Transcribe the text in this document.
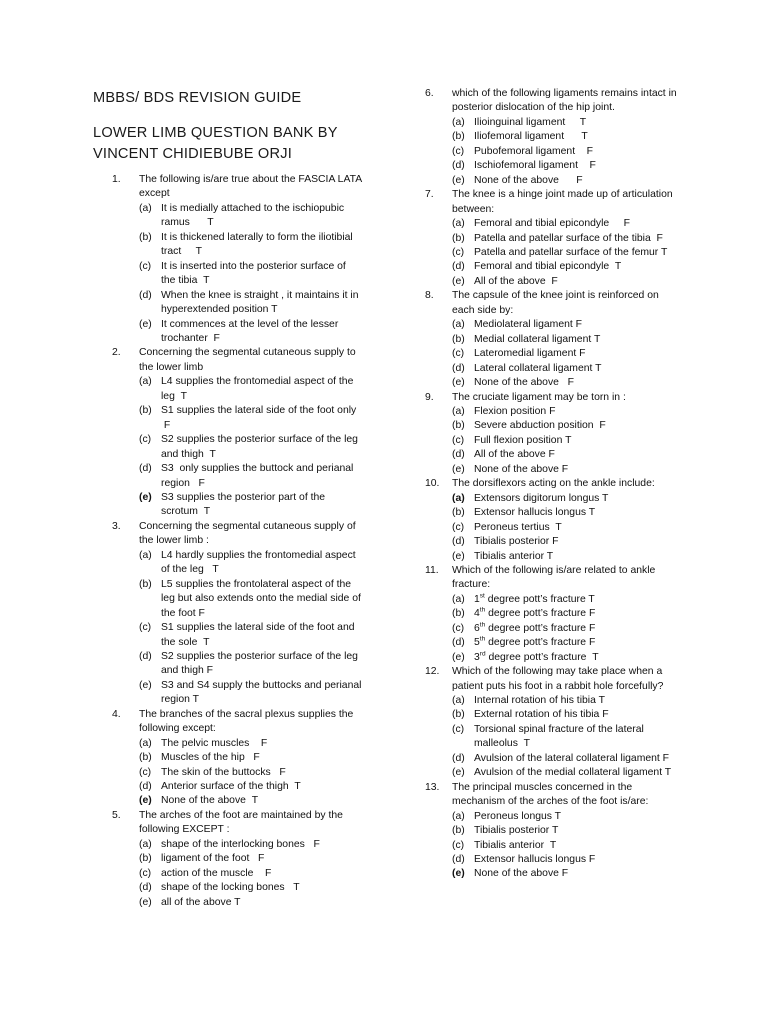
MBBS/ BDS REVISION GUIDE
LOWER LIMB QUESTION BANK BY
VINCENT CHIDIEBUBE ORJI
1.	The following is/are true about the FASCIA LATA except
(a) It is medially attached to the ischiopubic ramus      T
(b) It is thickened laterally to form the iliotibial tract     T
(c) It is inserted into the posterior surface of the tibia  T
(d) When the knee is straight , it maintains it in hyperextended position T
(e) It commences at the level of the lesser trochanter  F
2.	Concerning the segmental cutaneous supply to the lower limb
(a) L4 supplies the frontomedial aspect of the leg  T
(b) S1 supplies the lateral side of the foot only  F
(c) S2 supplies the posterior surface of the leg and thigh  T
(d) S3  only supplies the buttock and perianal region   F
(e) S3 supplies the posterior part of the scrotum  T
3.	Concerning the segmental cutaneous supply of the lower limb :
(a) L4 hardly supplies the frontomedial aspect of the leg   T
(b) L5 supplies the frontolateral aspect of the leg but also extends onto the medial side of the foot F
(c) S1 supplies the lateral side of the foot and the sole  T
(d) S2 supplies the posterior surface of the leg and thigh F
(e) S3 and S4 supply the buttocks and perianal region T
4.	The branches of the sacral plexus supplies the following except:
(a) The pelvic muscles    F
(b) Muscles of the hip   F
(c) The skin of the buttocks   F
(d) Anterior surface of the thigh  T
(e) None of the above  T
5.	The arches of the foot are maintained by the following EXCEPT :
(a) shape of the interlocking bones   F
(b) ligament of the foot   F
(c) action of the muscle    F
(d) shape of the locking bones   T
(e) all of the above T
6.	which of the following ligaments remains intact in posterior dislocation of the hip joint.
(a) Ilioinguinal ligament     T
(b) Iliofemoral ligament      T
(c) Pubofemoral ligament    F
(d) Ischiofemoral ligament    F
(e) None of the above      F
7.	The knee is a hinge joint made up of articulation between:
(a) Femoral and tibial epicondyle     F
(b) Patella and patellar surface of the tibia  F
(c) Patella and patellar surface of the femur T
(d) Femoral and tibial epicondyle  T
(e) All of the above  F
8.	The capsule of the knee joint is reinforced on each side by:
(a) Mediolateral ligament F
(b) Medial collateral ligament T
(c) Lateromedial ligament F
(d) Lateral collateral ligament T
(e) None of the above   F
9.	The cruciate ligament may be torn in :
(a) Flexion position F
(b) Severe abduction position  F
(c) Full flexion position T
(d) All of the above F
(e) None of the above F
10.	The dorsiflexors acting on the ankle include:
(a) Extensors digitorum longus T
(b) Extensor hallucis longus T
(c) Peroneus tertius  T
(d) Tibialis posterior F
(e) Tibialis anterior T
11.	Which of the following is/are related to ankle fracture:
(a) 1st degree pott’s fracture T
(b) 4th degree pott’s fracture F
(c) 6th degree pott’s fracture F
(d) 5th degree pott’s fracture F
(e) 3rd degree pott’s fracture  T
12.	Which of the following may take place when a patient puts his foot in a rabbit hole forcefully?
(a) Internal rotation of his tibia T
(b) External rotation of his tibia F
(c) Torsional spinal fracture of the lateral malleolus  T
(d) Avulsion of the lateral collateral ligament F
(e) Avulsion of the medial collateral ligament T
13.	The principal muscles concerned in the mechanism of the arches of the foot is/are:
(a) Peroneus longus T
(b) Tibialis posterior T
(c) Tibialis anterior  T
(d) Extensor hallucis longus F
(e) None of the above F
